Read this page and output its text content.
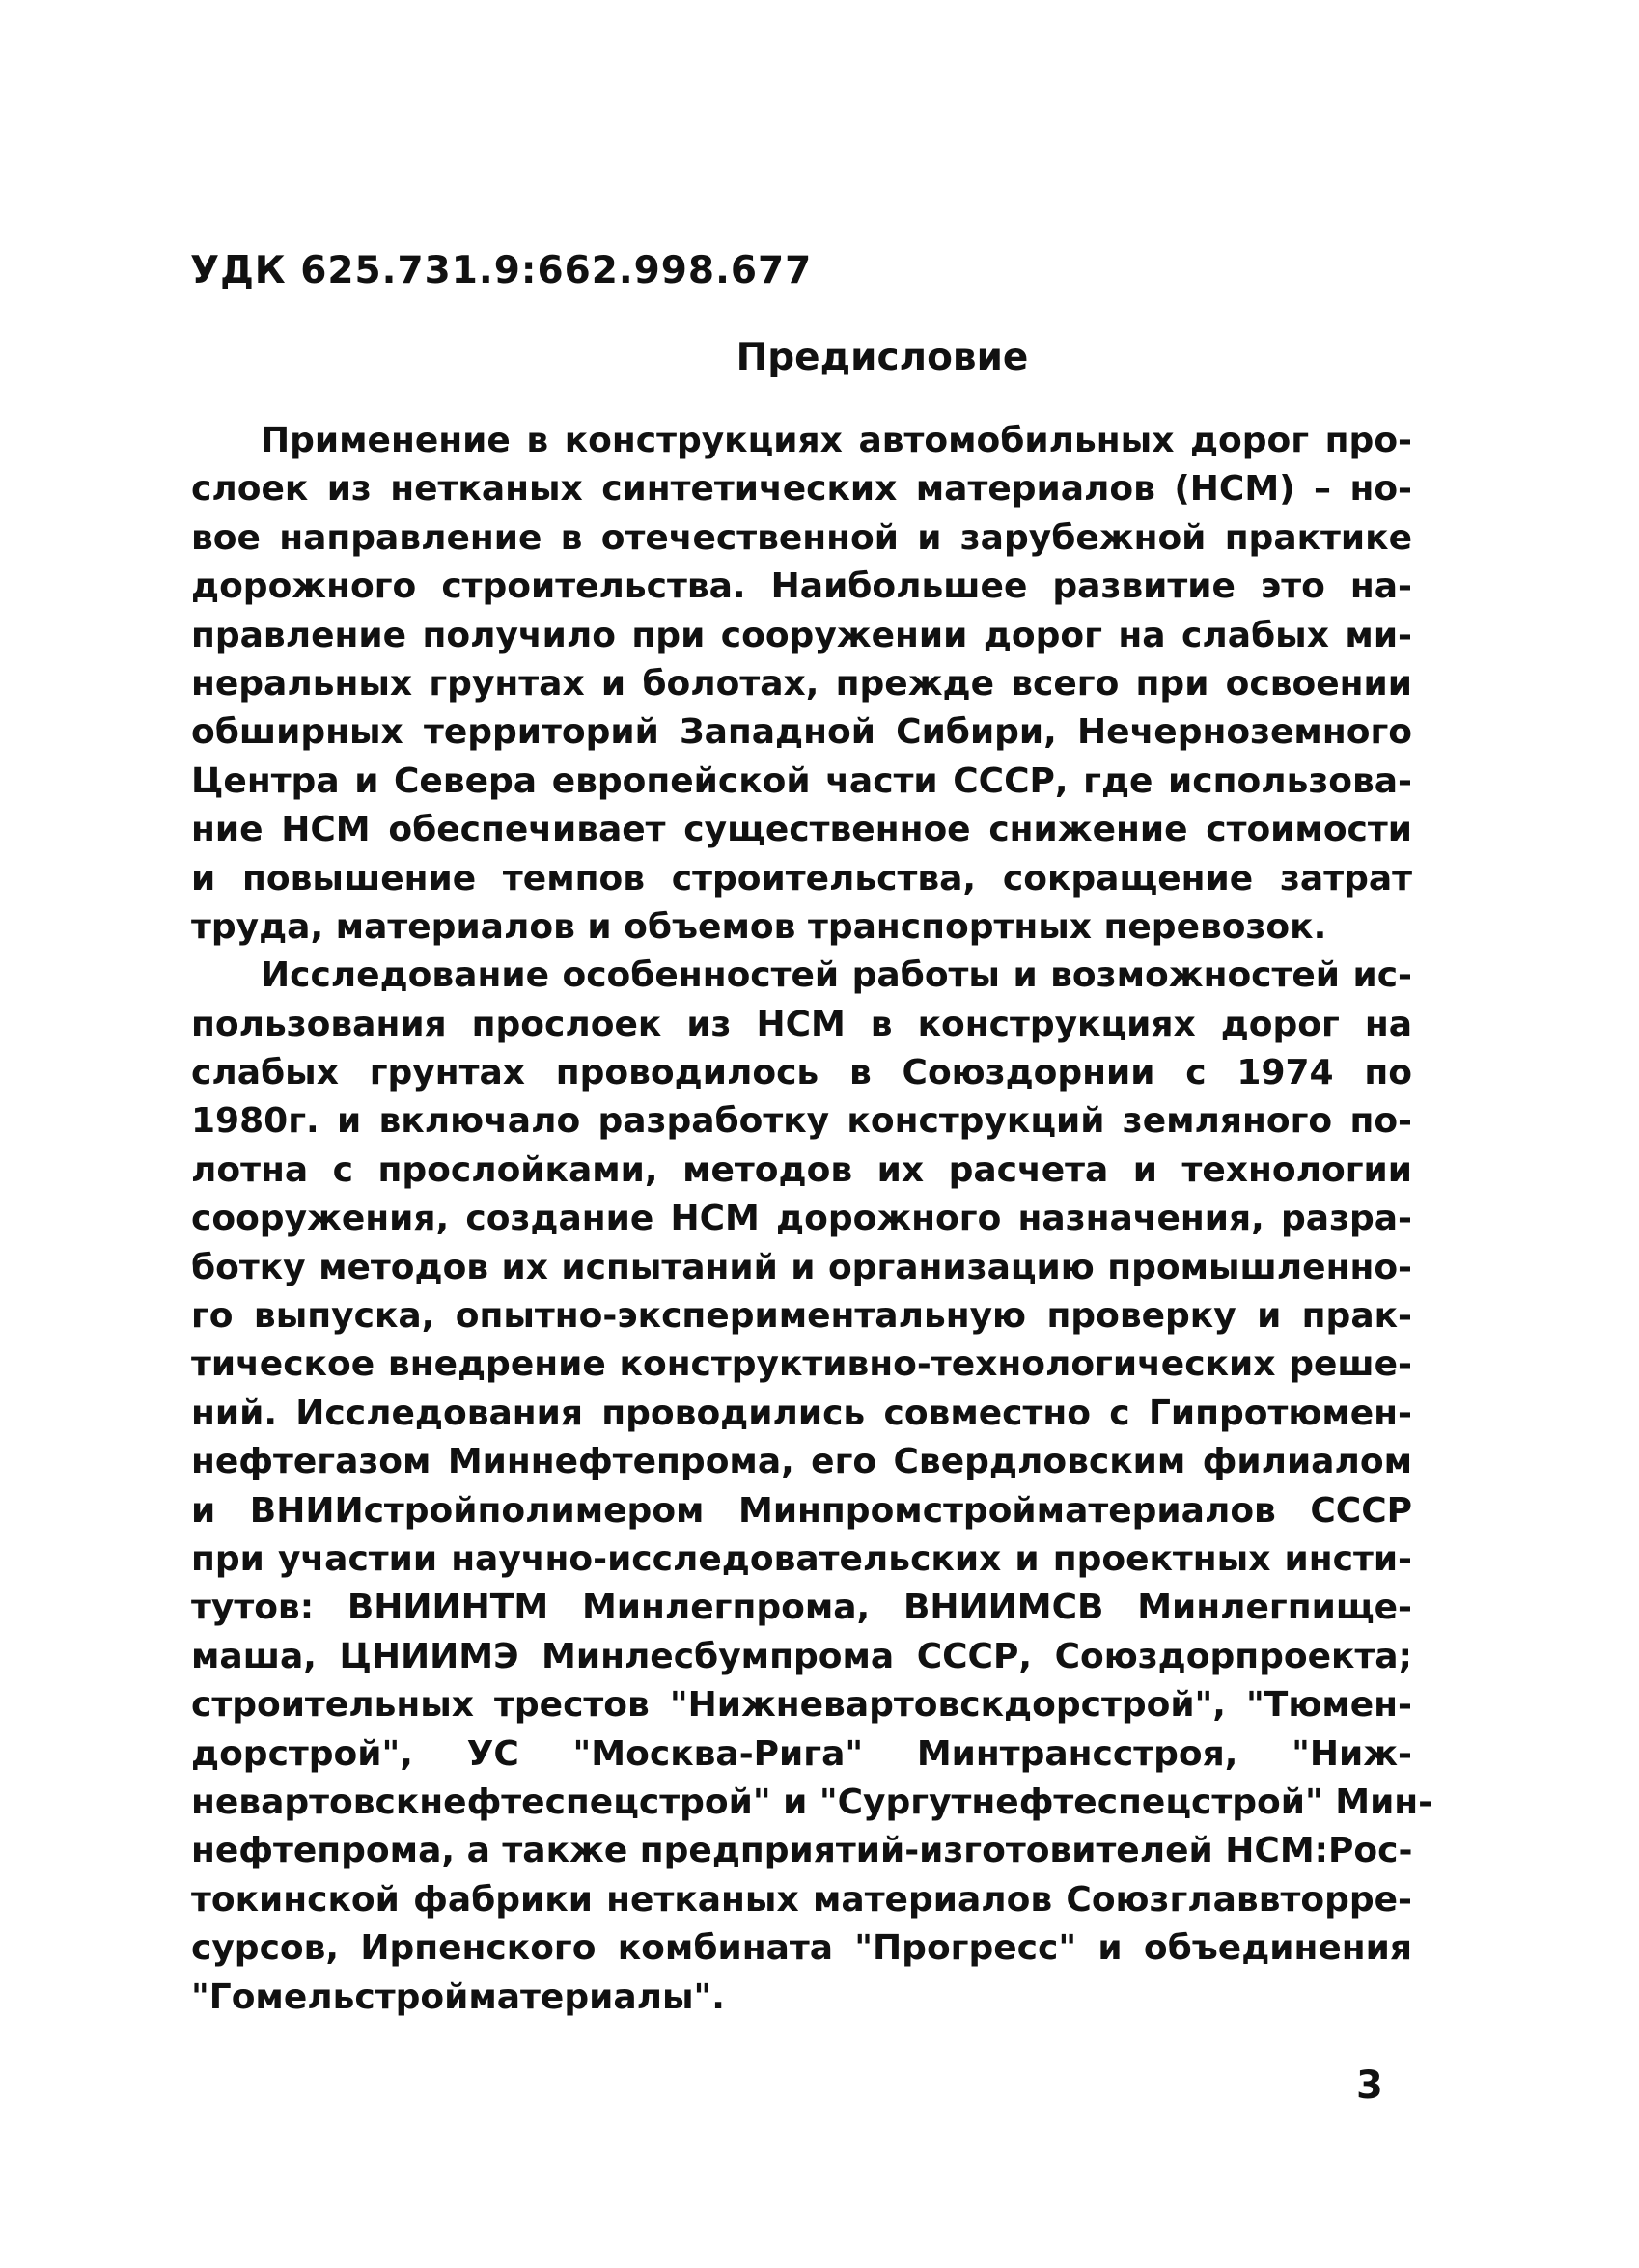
УДК 625.731.9:662.998.677
Предисловие
Применение в конструкциях автомобильных дорог про-
слоек из нетканых синтетических материалов (НСМ) – но-
вое направление в отечественной и зарубежной практике
дорожного строительства. Наибольшее развитие это на-
правление получило при сооружении дорог на слабых ми-
неральных грунтах и болотах, прежде всего при освоении
обширных территорий Западной Сибири, Нечерноземного
Центра и Севера европейской части СССР, где использова-
ние НСМ обеспечивает существенное снижение стоимости
и повышение темпов строительства, сокращение затрат
труда, материалов и объемов транспортных перевозок.
Исследование особенностей работы и возможностей ис-
пользования прослоек из НСМ в конструкциях дорог на
слабых грунтах проводилось в Союздорнии с 1974 по
1980г. и включало разработку конструкций земляного по-
лотна с прослойками, методов их расчета и технологии
сооружения, создание НСМ дорожного назначения, разра-
ботку методов их испытаний и организацию промышленно-
го выпуска, опытно-экспериментальную проверку и прак-
тическое внедрение конструктивно-технологических реше-
ний. Исследования проводились совместно с Гипротюмен-
нефтегазом Миннефтепрома, его Свердловским филиалом
и ВНИИстройполимером Минпромстройматериалов СССР
при участии научно-исследовательских и проектных инсти-
тутов: ВНИИНТМ Минлегпрома, ВНИИМСВ Минлегпище-
маша, ЦНИИМЭ Минлесбумпрома СССР, Союздорпроекта;
строительных трестов "Нижневартовскдорстрой", "Тюмен-
дорстрой", УС "Москва-Рига" Минтрансстроя, "Ниж-
невартовскнефтеспецстрой" и "Сургутнефтеспецстрой" Мин-
нефтепрома, а также предприятий-изготовителей НСМ:Рос-
токинской фабрики нетканых материалов Союзглаввторре-
сурсов, Ирпенского комбината "Прогресс" и объединения
"Гомельстройматериалы".
3
